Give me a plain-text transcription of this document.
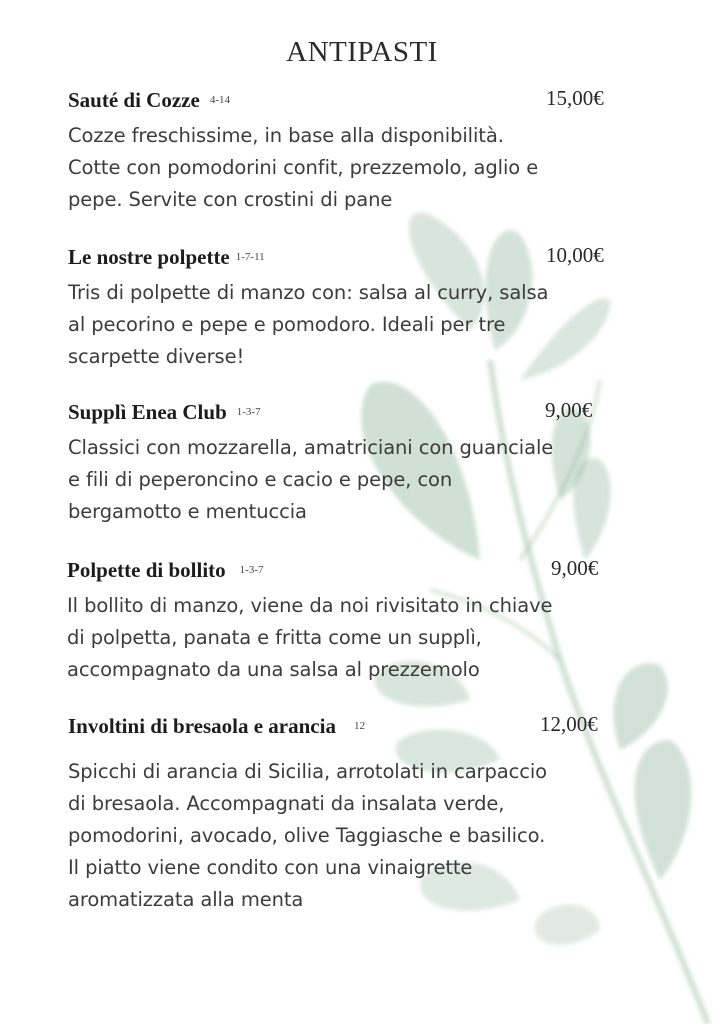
ANTIPASTI
Sauté di Cozze $^{4-14}$	15,00€
Cozze freschissime, in base alla disponibilità.
Cotte con pomodorini confit, prezzemolo, aglio e
pepe. Servite con crostini di pane
Le nostre polpette $^{1-7-11}$	10,00€
Tris di polpette di manzo con: salsa al curry, salsa
al pecorino e pepe e pomodoro. Ideali per tre
scarpette diverse!
Supplì Enea Club $^{1-3-7}$	9,00€
Classici con mozzarella, amatriciani con guanciale
e fili di peperoncino e cacio e pepe, con
bergamotto e mentuccia
Polpette di bollito $^{1-3-7}$	9,00€
Il bollito di manzo, viene da noi rivisitato in chiave
di polpetta, panata e fritta come un supplì,
accompagnato da una salsa al prezzemolo
Involtini di bresaola e arancia $^{12}$	12,00€
Spicchi di arancia di Sicilia, arrotolati in carpaccio
di bresaola. Accompagnati da insalata verde,
pomodorini, avocado, olive Taggiasche e basilico.
Il piatto viene condito con una vinaigrette
aromatizzata alla menta
